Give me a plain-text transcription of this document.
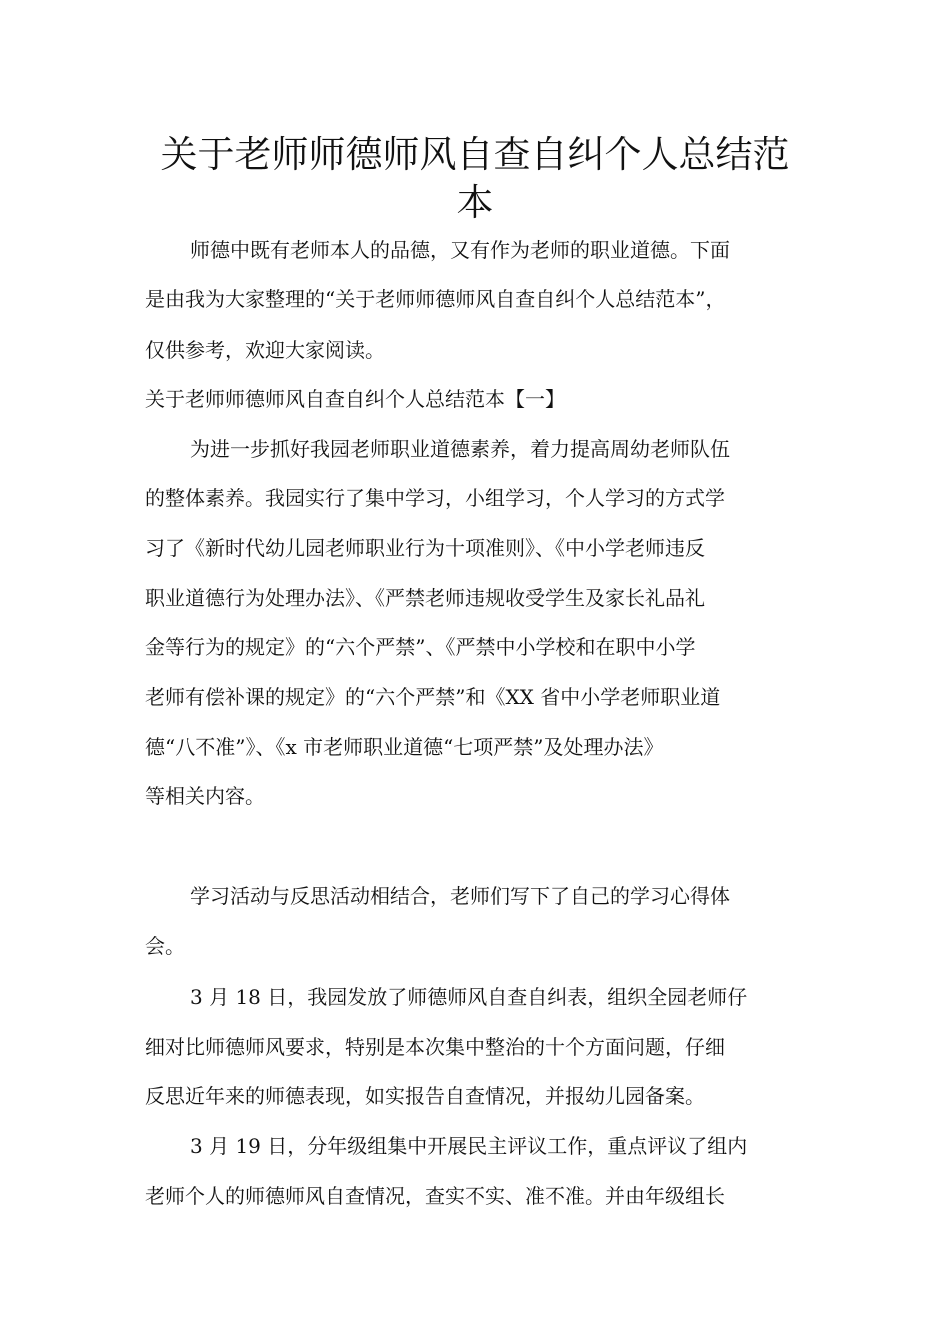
关于老师师德师风自查自纠个人总结范
本

师德中既有老师本人的品德，又有作为老师的职业道德。下面

是由我为大家整理的“关于老师师德师风自查自纠个人总结范本”，

仅供参考，欢迎大家阅读。

关于老师师德师风自查自纠个人总结范本【一】

为进一步抓好我园老师职业道德素养，着力提高周幼老师队伍

的整体素养。我园实行了集中学习，小组学习，个人学习的方式学

习了《新时代幼儿园老师职业行为十项准则》、《中小学老师违反

职业道德行为处理办法》、《严禁老师违规收受学生及家长礼品礼

金等行为的规定》的“六个严禁”、《严禁中小学校和在职中小学

老师有偿补课的规定》的“六个严禁”和《XX 省中小学老师职业道

德“八不准”》、《x 市老师职业道德“七项严禁”及处理办法》

等相关内容。

学习活动与反思活动相结合，老师们写下了自己的学习心得体

会。

3 月 18 日，我园发放了师德师风自查自纠表，组织全园老师仔

细对比师德师风要求，特别是本次集中整治的十个方面问题，仔细

反思近年来的师德表现，如实报告自查情况，并报幼儿园备案。

3 月 19 日，分年级组集中开展民主评议工作，重点评议了组内

老师个人的师德师风自查情况，查实不实、准不准。并由年级组长
